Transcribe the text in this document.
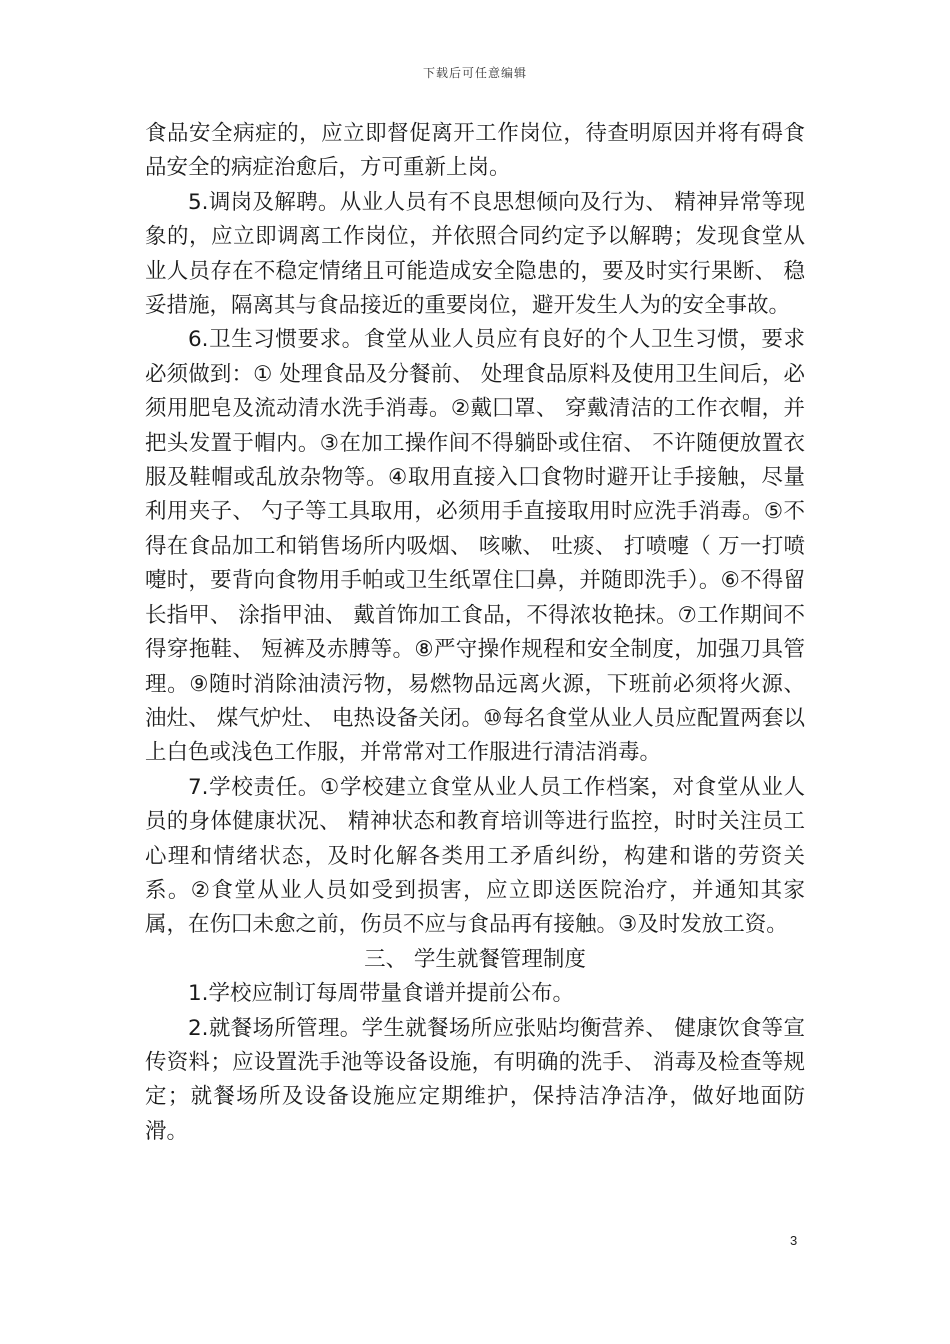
下载后可任意编辑

食品安全病症的，应立即督促离开工作岗位，待查明原因并将有碍食品安全的病症治愈后，方可重新上岗。

5.调岗及解聘。从业人员有不良思想倾向及行为、 精神异常等现象的，应立即调离工作岗位，并依照合同约定予以解聘；发现食堂从业人员存在不稳定情绪且可能造成安全隐患的，要及时实行果断、 稳妥措施，隔离其与食品接近的重要岗位，避开发生人为的安全事故。

6.卫生习惯要求。食堂从业人员应有良好的个人卫生习惯，要求必须做到：① 处理食品及分餐前、 处理食品原料及使用卫生间后，必须用肥皂及流动清水洗手消毒。②戴囗罩、 穿戴清洁的工作衣帽，并把头发置于帽内。③在加工操作间不得躺卧或住宿、 不许随便放置衣服及鞋帽或乱放杂物等。④取用直接入囗食物时避开让手接触，尽量利用夹子、 勺子等工具取用，必须用手直接取用时应洗手消毒。⑤不得在食品加工和销售场所内吸烟、 咳嗽、 吐痰、 打喷嚏（ 万一打喷嚏时，要背向食物用手帕或卫生纸罩住囗鼻，并随即洗手）。⑥不得留长指甲、 涂指甲油、 戴首饰加工食品，不得浓妆艳抹。⑦工作期间不得穿拖鞋、 短裤及赤膊等。⑧严守操作规程和安全制度，加强刀具管理。⑨随时消除油渍污物，易燃物品远离火源，下班前必须将火源、 油灶、 煤气炉灶、 电热设备关闭。⑩每名食堂从业人员应配置两套以上白色或浅色工作服，并常常对工作服进行清洁消毒。

7.学校责任。①学校建立食堂从业人员工作档案，对食堂从业人员的身体健康状况、 精神状态和教育培训等进行监控，时时关注员工心理和情绪状态，及时化解各类用工矛盾纠纷，构建和谐的劳资关系。②食堂从业人员如受到损害，应立即送医院治疗，并通知其家属，在伤囗未愈之前，伤员不应与食品再有接触。③及时发放工资。

三、 学生就餐管理制度

1.学校应制订每周带量食谱并提前公布。

2.就餐场所管理。学生就餐场所应张贴均衡营养、 健康饮食等宣传资料；应设置洗手池等设备设施，有明确的洗手、 消毒及检查等规定；就餐场所及设备设施应定期维护，保持洁净洁净，做好地面防滑。

3
